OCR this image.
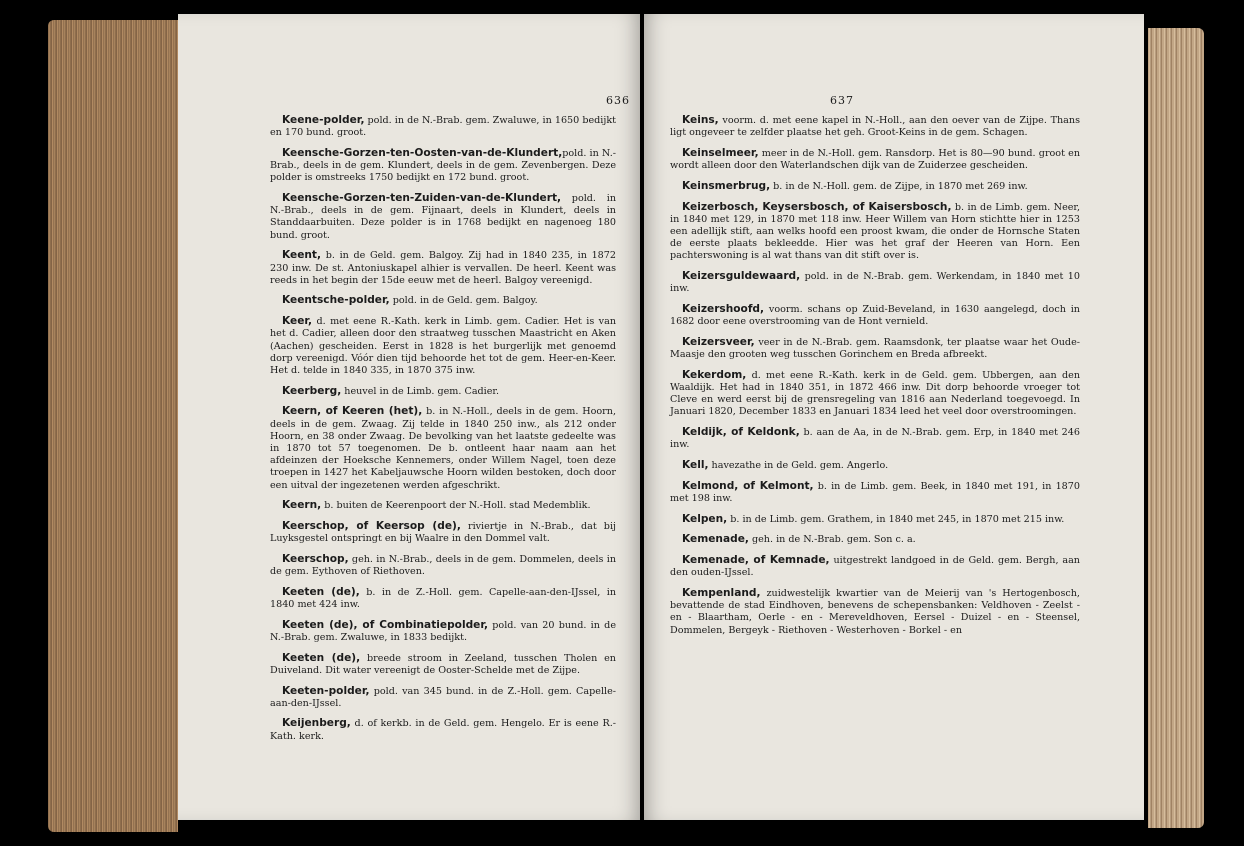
636

Keene-polder, pold. in de N.-Brab. gem. Zwaluwe, in 1650 bedijkt en 170 bund. groot.

Keensche-Gorzen-ten-Oosten-van-de-Klundert,pold. in N.-Brab., deels in de gem. Klundert, deels in de gem. Zevenbergen. Deze polder is omstreeks 1750 bedijkt en 172 bund. groot.

Keensche-Gorzen-ten-Zuiden-van-de-Klundert, pold. in N.-Brab., deels in de gem. Fijnaart, deels in Klundert, deels in Standdaarbuiten. Deze polder is in 1768 bedijkt en nagenoeg 180 bund. groot.

Keent, b. in de Geld. gem. Balgoy. Zij had in 1840 235, in 1872 230 inw. De st. Antoniuskapel alhier is vervallen. De heerl. Keent was reeds in het begin der 15de eeuw met de heerl. Balgoy vereenigd.

Keentsche-polder, pold. in de Geld. gem. Balgoy.

Keer, d. met eene R.-Kath. kerk in Limb. gem. Cadier. Het is van het d. Cadier, alleen door den straatweg tusschen Maastricht en Aken (Aachen) gescheiden. Eerst in 1828 is het burgerlijk met genoemd dorp vereenigd. Vóór dien tijd behoorde het tot de gem. Heer-en-Keer. Het d. telde in 1840 335, in 1870 375 inw.

Keerberg, heuvel in de Limb. gem. Cadier.

Keern, of Keeren (het), b. in N.-Holl., deels in de gem. Hoorn, deels in de gem. Zwaag. Zij telde in 1840 250 inw., als 212 onder Hoorn, en 38 onder Zwaag. De bevolking van het laatste gedeelte was in 1870 tot 57 toegenomen. De b. ontleent haar naam aan het afdeinzen der Hoeksche Kennemers, onder Willem Nagel, toen deze troepen in 1427 het Kabeljauwsche Hoorn wilden bestoken, doch door een uitval der ingezetenen werden afgeschrikt.

Keern, b. buiten de Keerenpoort der N.-Holl. stad Medemblik.

Keerschop, of Keersop (de), riviertje in N.-Brab., dat bij Luyksgestel ontspringt en bij Waalre in den Dommel valt.

Keerschop, geh. in N.-Brab., deels in de gem. Dommelen, deels in de gem. Eythoven of Riethoven.

Keeten (de), b. in de Z.-Holl. gem. Capelle-aan-den-IJssel, in 1840 met 424 inw.

Keeten (de), of Combinatiepolder, pold. van 20 bund. in de N.-Brab. gem. Zwaluwe, in 1833 bedijkt.

Keeten (de), breede stroom in Zeeland, tusschen Tholen en Duiveland. Dit water vereenigt de Ooster-Schelde met de Zijpe.

Keeten-polder, pold. van 345 bund. in de Z.-Holl. gem. Capelle-aan-den-IJssel.

Keijenberg, d. of kerkb. in de Geld. gem. Hengelo. Er is eene R.-Kath. kerk.

637

Keins, voorm. d. met eene kapel in N.-Holl., aan den oever van de Zijpe. Thans ligt ongeveer te zelfder plaatse het geh. Groot-Keins in de gem. Schagen.

Keinselmeer, meer in de N.-Holl. gem. Ransdorp. Het is 80—90 bund. groot en wordt alleen door den Waterlandschen dijk van de Zuiderzee gescheiden.

Keinsmerbrug, b. in de N.-Holl. gem. de Zijpe, in 1870 met 269 inw.

Keizerbosch, Keysersbosch, of Kaisersbosch, b. in de Limb. gem. Neer, in 1840 met 129, in 1870 met 118 inw. Heer Willem van Horn stichtte hier in 1253 een adellijk stift, aan welks hoofd een proost kwam, die onder de Hornsche Staten de eerste plaats bekleedde. Hier was het graf der Heeren van Horn. Een pachterswoning is al wat thans van dit stift over is.

Keizersguldewaard, pold. in de N.-Brab. gem. Werkendam, in 1840 met 10 inw.

Keizershoofd, voorm. schans op Zuid-Beveland, in 1630 aangelegd, doch in 1682 door eene overstrooming van de Hont vernield.

Keizersveer, veer in de N.-Brab. gem. Raamsdonk, ter plaatse waar het Oude-Maasje den grooten weg tusschen Gorinchem en Breda afbreekt.

Kekerdom, d. met eene R.-Kath. kerk in de Geld. gem. Ubbergen, aan den Waaldijk. Het had in 1840 351, in 1872 466 inw. Dit dorp behoorde vroeger tot Cleve en werd eerst bij de grensregeling van 1816 aan Nederland toegevoegd. In Januari 1820, December 1833 en Januari 1834 leed het veel door overstroomingen.

Keldijk, of Keldonk, b. aan de Aa, in de N.-Brab. gem. Erp, in 1840 met 246 inw.

Kell, havezathe in de Geld. gem. Angerlo.

Kelmond, of Kelmont, b. in de Limb. gem. Beek, in 1840 met 191, in 1870 met 198 inw.

Kelpen, b. in de Limb. gem. Grathem, in 1840 met 245, in 1870 met 215 inw.

Kemenade, geh. in de N.-Brab. gem. Son c. a.

Kemenade, of Kemnade, uitgestrekt landgoed in de Geld. gem. Bergh, aan den ouden-IJssel.

Kempenland, zuidwestelijk kwartier van de Meierij van 's Hertogenbosch, bevattende de stad Eindhoven, benevens de schepensbanken: Veldhoven - Zeelst - en - Blaartham, Oerle - en - Mereveldhoven, Eersel - Duizel - en - Steensel, Dommelen, Bergeyk - Riethoven - Westerhoven - Borkel - en
